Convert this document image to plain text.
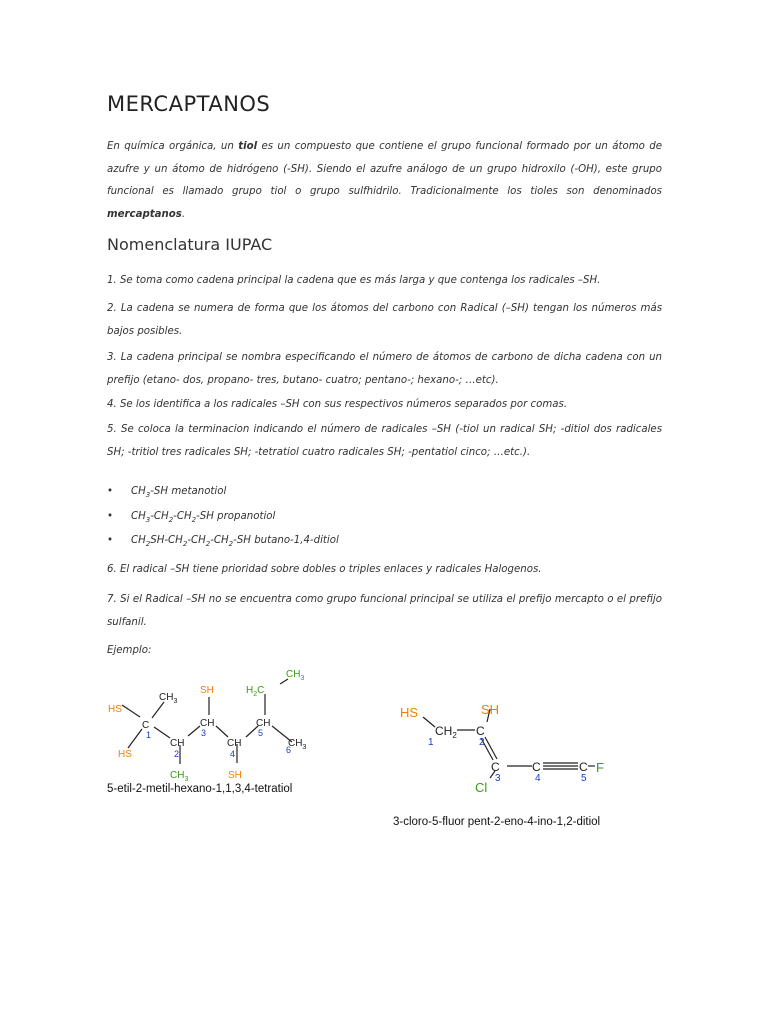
MERCAPTANOS

En química orgánica, un tiol es un compuesto que contiene el grupo funcional formado por un átomo de azufre y un átomo de hidrógeno (-SH). Siendo el azufre análogo de un grupo hidroxilo (-OH), este grupo funcional es llamado grupo tiol o grupo sulfhidrilo. Tradicionalmente los tioles son denominados mercaptanos.

Nomenclatura IUPAC

1. Se toma como cadena principal la cadena que es más larga y que contenga los radicales –SH.

2. La cadena se numera de forma que los átomos del carbono con Radical (–SH) tengan los números más bajos posibles.

3. La cadena principal se nombra especificando el número de átomos de carbono de dicha cadena con un prefijo (etano- dos, propano- tres, butano- cuatro; pentano-; hexano-; …etc).

4. Se los identifica a los radicales –SH con sus respectivos números separados por comas.

5. Se coloca la terminacion indicando el número de radicales –SH (-tiol un radical SH; -ditiol dos radicales SH; -tritiol tres radicales SH; -tetratiol cuatro radicales SH; -pentatiol cinco; …etc.).

• $CH_3-SH$ metanotiol
• $CH_3-CH_2-CH_2-SH$ propanotiol
• $CH_2SH-CH_2-CH_2-CH_2-SH$ butano-1,4-ditiol

6. El radical –SH tiene prioridad sobre dobles o triples enlaces y radicales Halogenos.

7. Si el Radical –SH no se encuentra como grupo funcional principal se utiliza el prefijo mercapto o el prefijo sulfanil.

Ejemplo:

HS
HS
C
$CH_3$
CH
$CH_3$
SH
CH
CH
SH
CH
$H_2C$
$CH_3$
$CH_3$
1
2
3
4
5
6

5-etil-2-metil-hexano-1,1,3,4-tetratiol

HS
$CH_2$ C
SH
C
Cl
C	C F
1	2
3	4	5

3-cloro-5-fluor pent-2-eno-4-ino-1,2-ditiol
